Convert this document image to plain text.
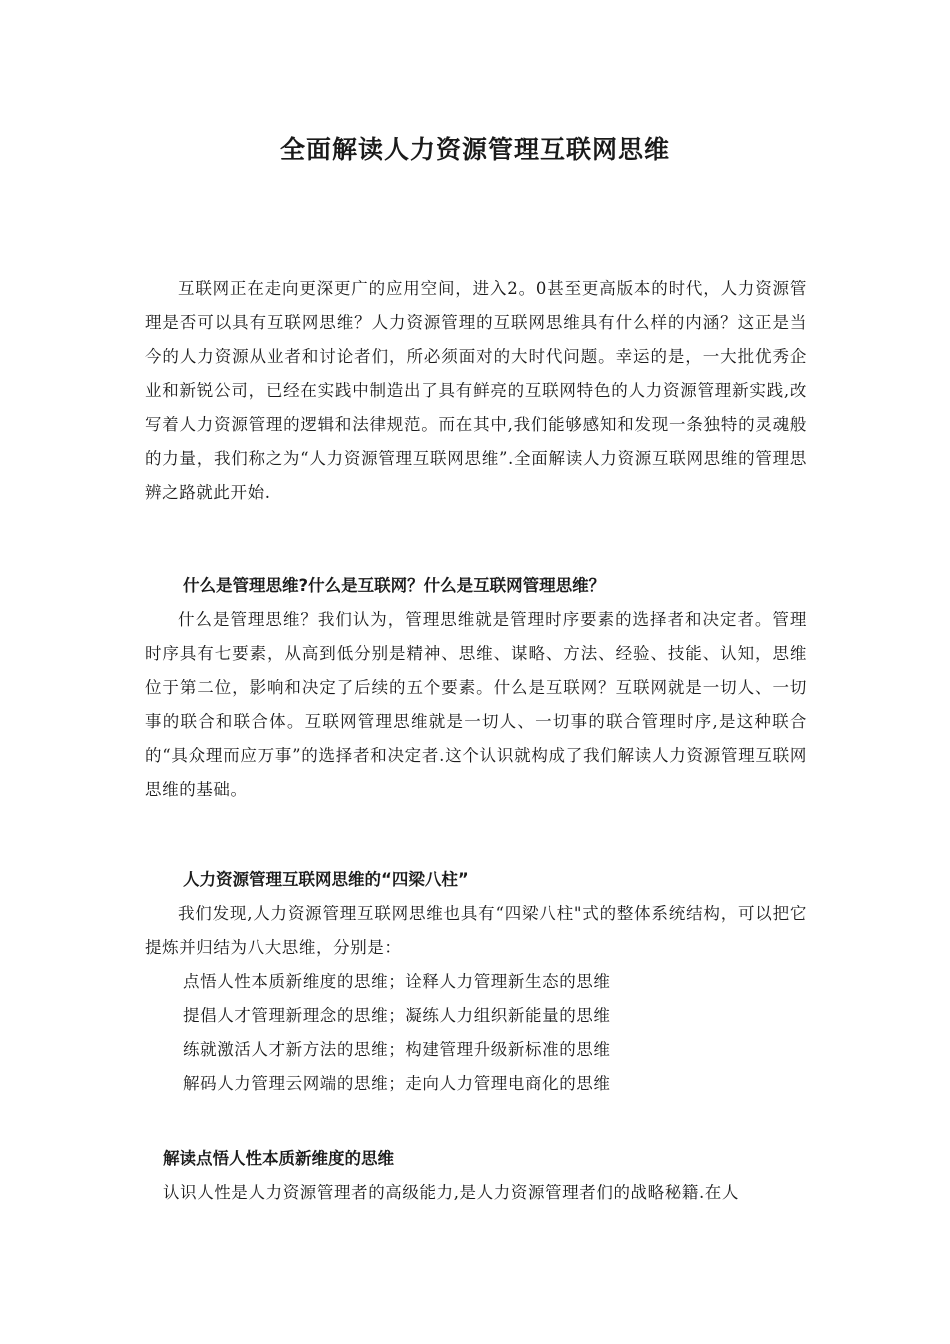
全面解读人力资源管理互联网思维

互联网正在走向更深更广的应用空间，进入2。0甚至更高版本的时代，人力资源管理是否可以具有互联网思维？人力资源管理的互联网思维具有什么样的内涵？这正是当今的人力资源从业者和讨论者们，所必须面对的大时代问题。幸运的是，一大批优秀企业和新锐公司，已经在实践中制造出了具有鲜亮的互联网特色的人力资源管理新实践,改写着人力资源管理的逻辑和法律规范。而在其中,我们能够感知和发现一条独特的灵魂般的力量，我们称之为“人力资源管理互联网思维”.全面解读人力资源互联网思维的管理思辨之路就此开始.

什么是管理思维?什么是互联网？什么是互联网管理思维？

什么是管理思维？我们认为，管理思维就是管理时序要素的选择者和决定者。管理时序具有七要素，从高到低分别是精神、思维、谋略、方法、经验、技能、认知，思维位于第二位，影响和决定了后续的五个要素。什么是互联网？互联网就是一切人、一切事的联合和联合体。互联网管理思维就是一切人、一切事的联合管理时序,是这种联合的“具众理而应万事”的选择者和决定者.这个认识就构成了我们解读人力资源管理互联网思维的基础。

人力资源管理互联网思维的“四梁八柱”

我们发现,人力资源管理互联网思维也具有“四梁八柱"式的整体系统结构，可以把它提炼并归结为八大思维，分别是：

点悟人性本质新维度的思维；诠释人力管理新生态的思维
提倡人才管理新理念的思维；凝练人力组织新能量的思维
练就激活人才新方法的思维；构建管理升级新标准的思维
解码人力管理云网端的思维；走向人力管理电商化的思维

解读点悟人性本质新维度的思维

认识人性是人力资源管理者的高级能力,是人力资源管理者们的战略秘籍.在人
